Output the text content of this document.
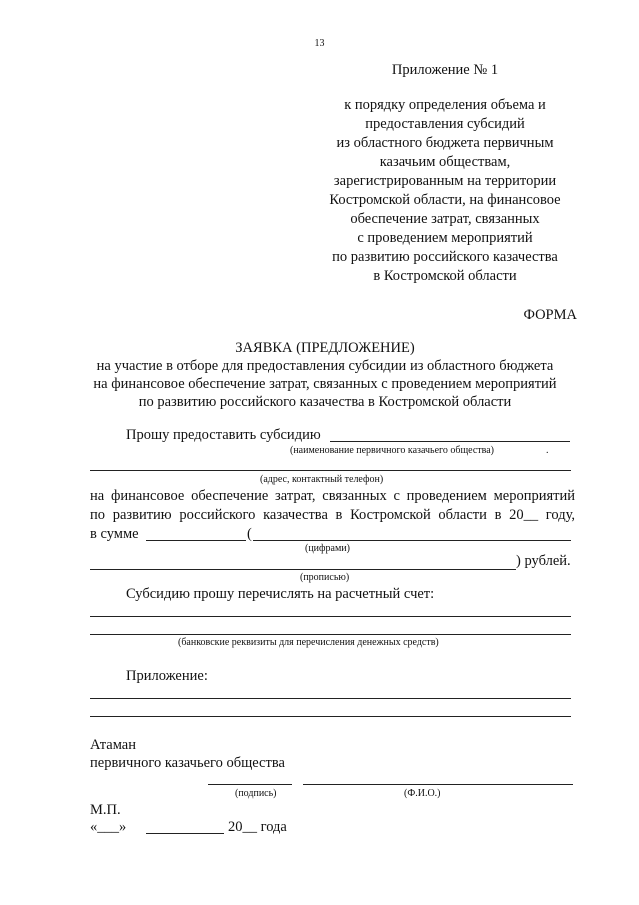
13
Приложение № 1
к порядку определения объема и
предоставления субсидий
из областного бюджета первичным
казачьим обществам,
зарегистрированным на территории
Костромской области, на финансовое
обеспечение затрат, связанных
с проведением мероприятий
по развитию российского казачества
в Костромской области
ФОРМА
ЗАЯВКА (ПРЕДЛОЖЕНИЕ)
на участие в отборе для предоставления субсидии из областного бюджета
на финансовое обеспечение затрат, связанных с проведением мероприятий
по развитию российского казачества в Костромской области
Прошу предоставить субсидию
(наименование первичного казачьего общества)	.
(адрес, контактный телефон)
на финансовое обеспечение затрат, связанных с проведением мероприятий
по развитию российского казачества в Костромской области в 20__ году,
в сумме	(
(цифрами)
) рублей.
(прописью)
Субсидию прошу перечислять на расчетный счет:
(банковские реквизиты для перечисления денежных средств)
Приложение:
Атаман
первичного казачьего общества
(подпись)	(Ф.И.О.)
М.П.
«___»	20__ года
